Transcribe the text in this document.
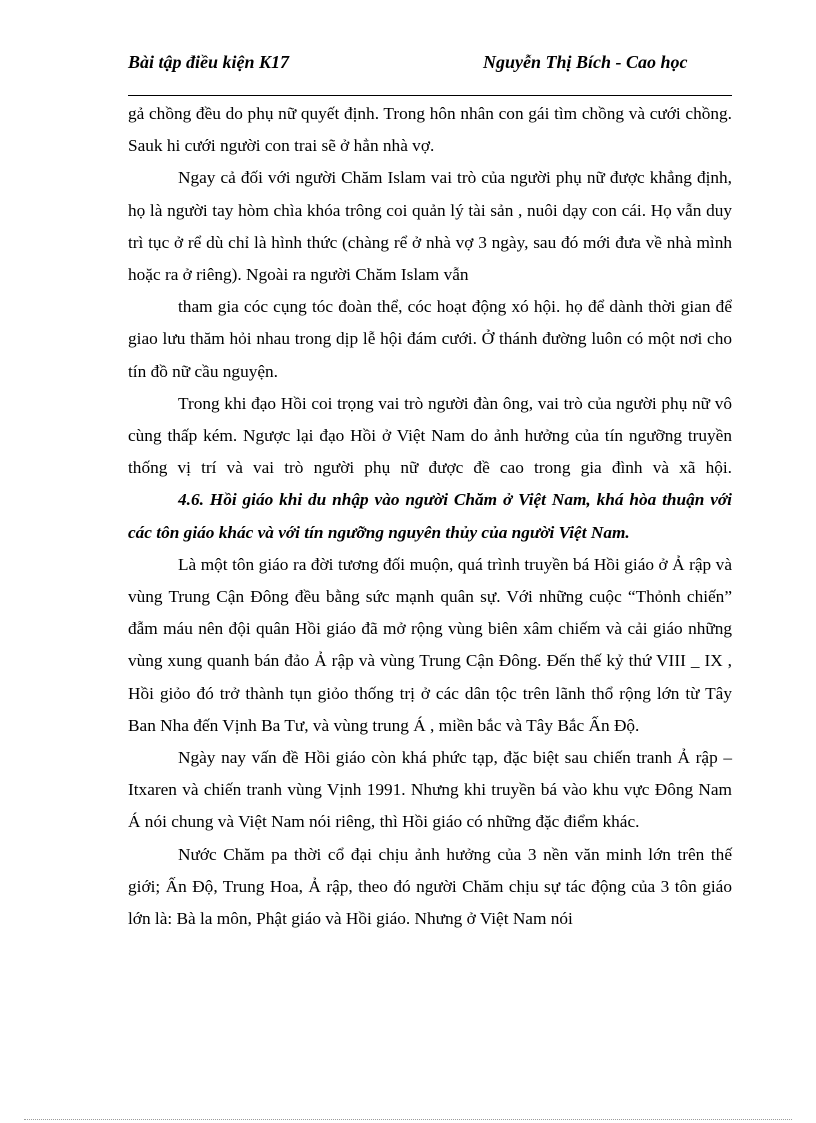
Bài tập điều kiện K17	Nguyễn Thị Bích - Cao học

gả chồng đều do phụ nữ quyết định. Trong hôn nhân con gái tìm chồng và cưới chồng. Sauk hi cưới người con trai sẽ ở hẳn nhà vợ.

Ngay cả đối với người Chăm Islam vai trò của người phụ nữ được khẳng định, họ là người tay hòm chìa khóa trông coi quản lý tài sản , nuôi dạy con cái. Họ vẫn duy trì tục ở rể dù chỉ là hình thức (chàng rể ở nhà vợ 3 ngày, sau đó mới đưa về nhà mình hoặc ra ở riêng). Ngoài ra người Chăm Islam vẫn

tham gia cóc cụng tóc đoàn thể, cóc hoạt động xó hội. họ để dành thời gian để giao lưu thăm hỏi nhau trong dịp lễ hội đám cưới. Ở thánh đường luôn có một nơi cho tín đồ nữ cầu nguyện.

Trong khi đạo Hồi coi trọng vai trò người đàn ông, vai trò của người phụ nữ vô cùng thấp kém. Ngược lại đạo Hồi ở Việt Nam do ảnh hưởng của tín ngưỡng truyền thống vị trí và vai trò người phụ nữ được đề cao trong gia đình và xã hội.

4.6. Hồi giáo khi du nhập vào người Chăm ở Việt Nam, khá hòa thuận với các tôn giáo khác và với tín ngưỡng nguyên thủy của người Việt Nam.

Là một tôn giáo ra đời tương đối muộn, quá trình truyền bá Hồi giáo ở Ả rập và vùng Trung Cận Đông đều bằng sức mạnh quân sự. Với những cuộc “Thỏnh chiến” đẫm máu nên đội quân Hồi giáo đã mở rộng vùng biên xâm chiếm và cải giáo những vùng xung quanh bán đảo Ả rập và vùng Trung Cận Đông. Đến thế kỷ thứ VIII _ IX , Hồi giỏo đó trở thành tụn giỏo thống trị ở các dân tộc trên lãnh thổ rộng lớn từ Tây Ban Nha đến Vịnh Ba Tư, và vùng trung Á , miền bắc và Tây Bắc Ấn Độ.

Ngày nay vấn đề Hồi giáo còn khá phức tạp, đặc biệt sau chiến tranh Ả rập – Itxaren và chiến tranh vùng Vịnh 1991. Nhưng khi truyền bá vào khu vực Đông Nam Á nói chung và Việt Nam nói riêng, thì Hồi giáo có những đặc điểm khác.

Nước Chăm pa thời cổ đại chịu ảnh hưởng của 3 nền văn minh lớn trên thế giới; Ấn Độ, Trung Hoa, Ả rập, theo đó người Chăm chịu sự tác động của 3 tôn giáo lớn là: Bà la môn, Phật giáo và Hồi giáo. Nhưng ở Việt Nam nói
